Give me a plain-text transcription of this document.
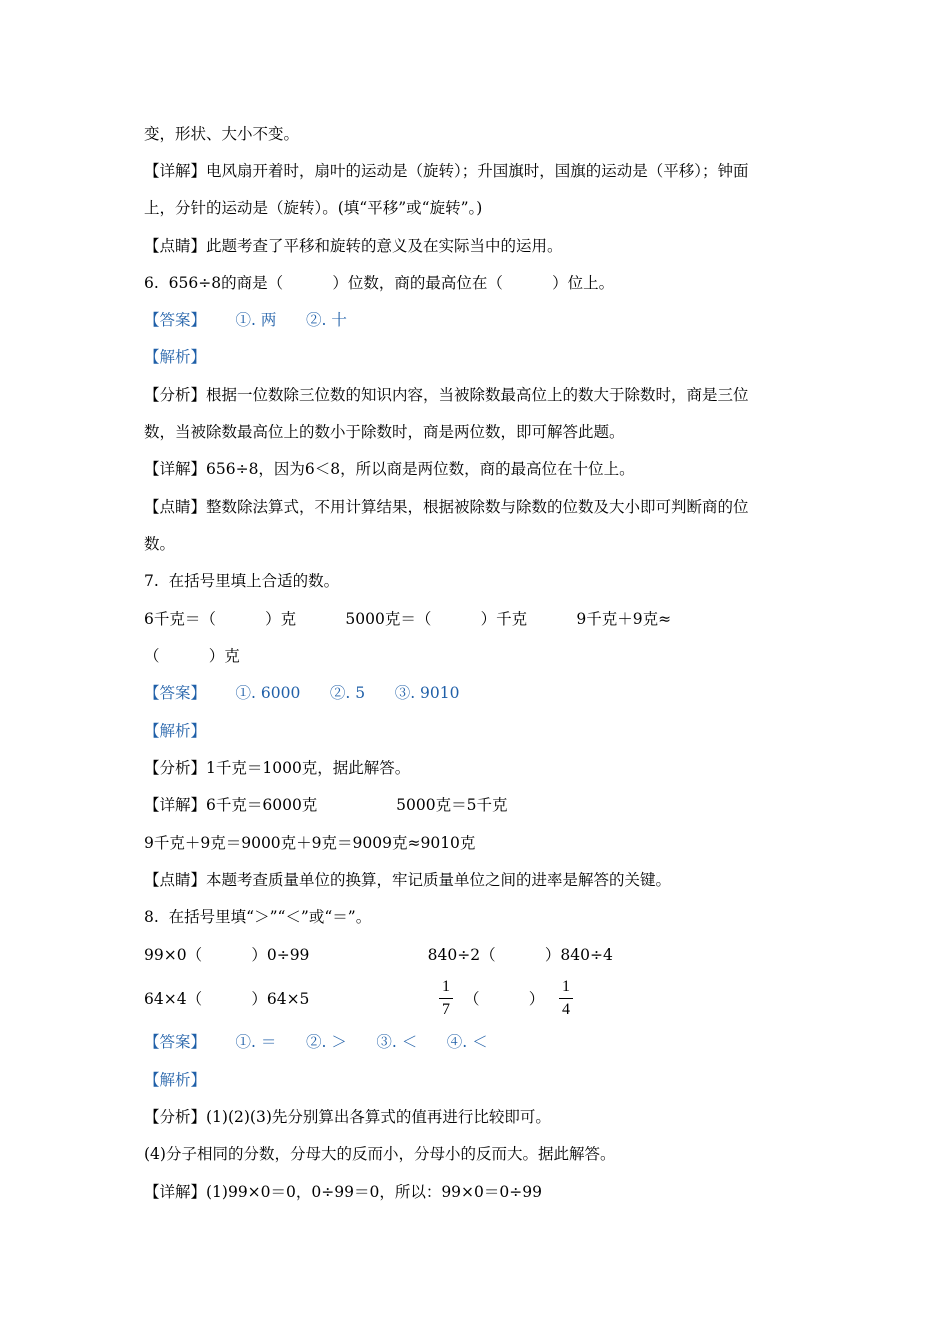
变，形状、大小不变。
【详解】电风扇开着时，扇叶的运动是（旋转）；升国旗时，国旗的运动是（平移）；钟面
上，分针的运动是（旋转）。(填“平移”或“旋转”。)
【点睛】此题考查了平移和旋转的意义及在实际当中的运用。
6.  656÷8的商是（          ）位数，商的最高位在（          ）位上。
【答案】      ①. 两      ②. 十
【解析】
【分析】根据一位数除三位数的知识内容，当被除数最高位上的数大于除数时，商是三位
数，当被除数最高位上的数小于除数时，商是两位数，即可解答此题。
【详解】656÷8，因为6＜8，所以商是两位数，商的最高位在十位上。
【点睛】整数除法算式，不用计算结果，根据被除数与除数的位数及大小即可判断商的位
数。
7.  在括号里填上合适的数。
6千克＝（          ）克          5000克＝（          ）千克          9千克＋9克≈
（          ）克
【答案】      ①. 6000      ②. 5      ③. 9010
【解析】
【分析】1千克＝1000克，据此解答。
【详解】6千克＝6000克                5000克＝5千克
9千克＋9克＝9000克＋9克＝9009克≈9010克
【点睛】本题考查质量单位的换算，牢记质量单位之间的进率是解答的关键。
8.  在括号里填“＞”“＜”或“＝”。
99×0（          ）0÷99                        840÷2（          ）840÷4
64×4（          ）64×5
1
7
（          ）
1
4
【答案】      ①. ＝      ②. ＞      ③. ＜      ④. ＜
【解析】
【分析】(1)(2)(3)先分别算出各算式的值再进行比较即可。
(4)分子相同的分数，分母大的反而小，分母小的反而大。据此解答。
【详解】(1)99×0＝0，0÷99＝0，所以：99×0＝0÷99
